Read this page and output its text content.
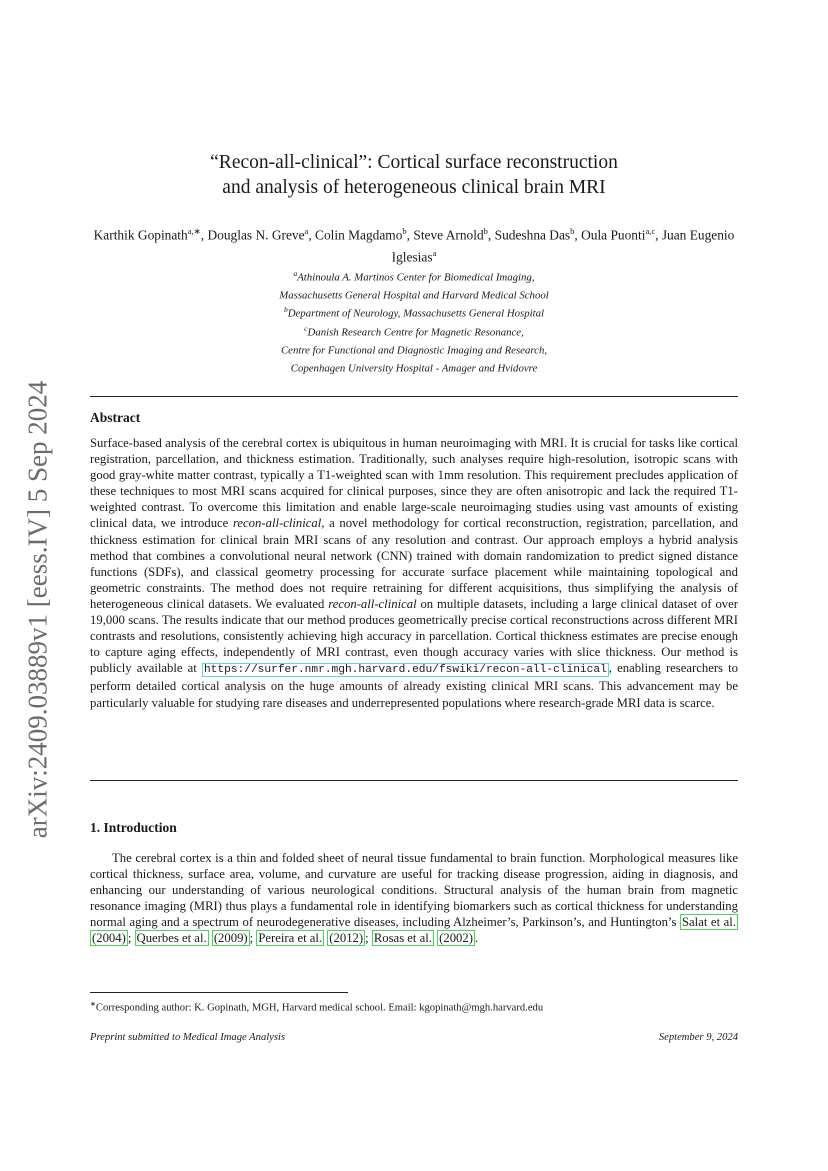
arXiv:2409.03889v1 [eess.IV] 5 Sep 2024
“Recon-all-clinical”: Cortical surface reconstruction
and analysis of heterogeneous clinical brain MRI
Karthik Gopinath$^{a,∗}$, Douglas N. Greve$^a$, Colin Magdamo$^b$, Steve Arnold$^b$, Sudeshna Das$^b$, Oula Puonti$^{a,c}$, Juan Eugenio Iglesias$^a$
$^a$Athinoula A. Martinos Center for Biomedical Imaging,
Massachusetts General Hospital and Harvard Medical School
$^b$Department of Neurology, Massachusetts General Hospital
$^c$Danish Research Centre for Magnetic Resonance,
Centre for Functional and Diagnostic Imaging and Research,
Copenhagen University Hospital - Amager and Hvidovre
Abstract
Surface-based analysis of the cerebral cortex is ubiquitous in human neuroimaging with MRI. It is crucial for tasks like cortical registration, parcellation, and thickness estimation. Traditionally, such analyses require high-resolution, isotropic scans with good gray-white matter contrast, typically a T1-weighted scan with 1mm resolution. This requirement precludes application of these techniques to most MRI scans acquired for clinical purposes, since they are often anisotropic and lack the required T1-weighted contrast. To overcome this limitation and enable large-scale neuroimaging studies using vast amounts of existing clinical data, we introduce recon-all-clinical, a novel methodology for cortical reconstruction, registration, parcellation, and thickness estimation for clinical brain MRI scans of any resolution and contrast. Our approach employs a hybrid analysis method that combines a convolutional neural network (CNN) trained with domain randomization to predict signed distance functions (SDFs), and classical geometry processing for accurate surface placement while maintaining topological and geometric constraints. The method does not require retraining for different acquisitions, thus simplifying the analysis of heterogeneous clinical datasets. We evaluated recon-all-clinical on multiple datasets, including a large clinical dataset of over 19,000 scans. The results indicate that our method produces geometrically precise cortical reconstructions across different MRI contrasts and resolutions, consistently achieving high accuracy in parcellation. Cortical thickness estimates are precise enough to capture aging effects, independently of MRI contrast, even though accuracy varies with slice thickness. Our method is publicly available at https://surfer.nmr.mgh.harvard.edu/fswiki/recon-all-clinical , enabling researchers to perform detailed cortical analysis on the huge amounts of already existing clinical MRI scans. This advancement may be particularly valuable for studying rare diseases and underrepresented populations where research-grade MRI data is scarce.
1. Introduction
The cerebral cortex is a thin and folded sheet of neural tissue fundamental to brain function. Morphological measures like cortical thickness, surface area, volume, and curvature are useful for tracking disease progression, aiding in diagnosis, and enhancing our understanding of various neurological conditions. Structural analysis of the human brain from magnetic resonance imaging (MRI) thus plays a fundamental role in identifying biomarkers such as cortical thickness for understanding normal aging and a spectrum of neurodegenerative diseases, including Alzheimer’s, Parkinson’s, and Huntington’s Salat et al. (2004) ; Querbes et al. (2009) ; Pereira et al. (2012) ; Rosas et al. (2002) .
∗Corresponding author: K. Gopinath, MGH, Harvard medical school. Email: kgopinath@mgh.harvard.edu
Preprint submitted to Medical Image Analysis	September 9, 2024
